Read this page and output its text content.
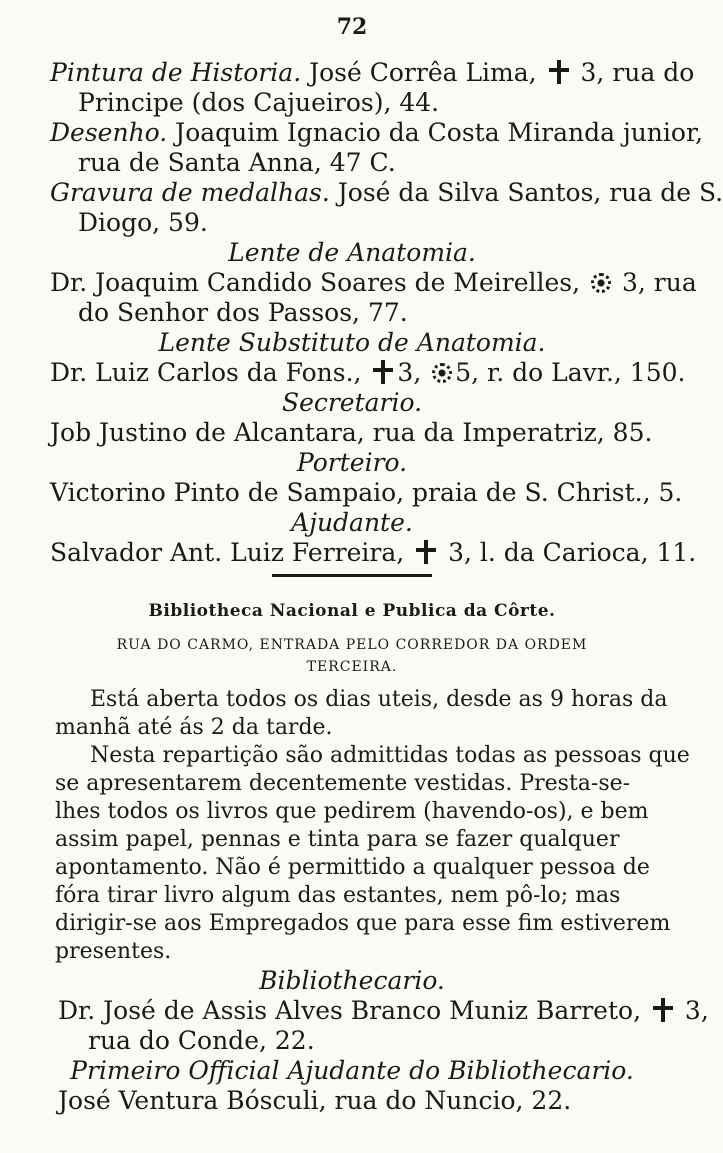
72
Pintura de Historia. José Corrêa Lima,  3, rua do
Principe (dos Cajueiros), 44.
Desenho. Joaquim Ignacio da Costa Miranda junior,
rua de Santa Anna, 47 C.
Gravura de medalhas. José da Silva Santos, rua de S.
Diogo, 59.
Lente de Anatomia.
Dr. Joaquim Candido Soares de Meirelles,  3, rua
do Senhor dos Passos, 77.
Lente Substituto de Anatomia.
Dr. Luiz Carlos da Fons., 3, 5, r. do Lavr., 150.
Secretario.
Job Justino de Alcantara, rua da Imperatriz, 85.
Porteiro.
Victorino Pinto de Sampaio, praia de S. Christ., 5.
Ajudante.
Salvador Ant. Luiz Ferreira,  3, l. da Carioca, 11.
Bibliotheca Nacional e Publica da Côrte.
RUA DO CARMO, ENTRADA PELO CORREDOR DA ORDEM
TERCEIRA.
Está aberta todos os dias uteis, desde as 9 horas da
manhã até ás 2 da tarde.
Nesta repartição são admittidas todas as pessoas que
se apresentarem decentemente vestidas. Presta-se-
lhes todos os livros que pedirem (havendo-os), e bem
assim papel, pennas e tinta para se fazer qualquer
apontamento. Não é permittido a qualquer pessoa de
fóra tirar livro algum das estantes, nem pô-lo; mas
dirigir-se aos Empregados que para esse fim estiverem
presentes.
Bibliothecario.
Dr. José de Assis Alves Branco Muniz Barreto,  3,
rua do Conde, 22.
Primeiro Official Ajudante do Bibliothecario.
José Ventura Bósculi, rua do Nuncio, 22.
